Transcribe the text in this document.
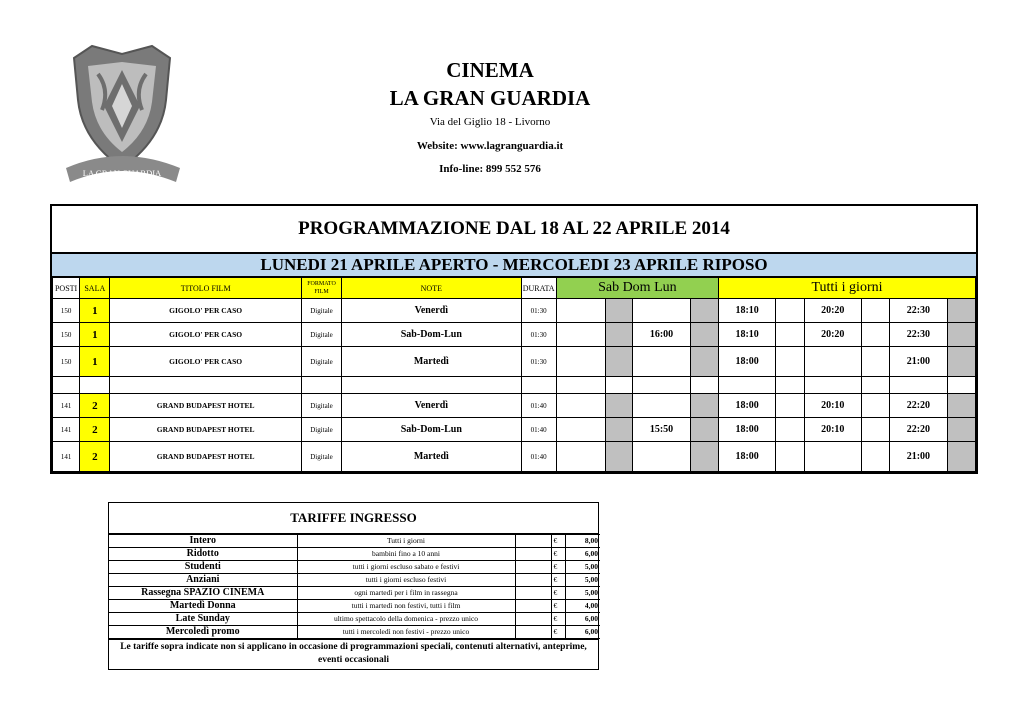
LA GRAN GUARDIA
CINEMA
LA GRAN GUARDIA
Via del Giglio 18 - Livorno
Website: www.lagranguardia.it
Info-line: 899 552 576
PROGRAMMAZIONE DAL 18 AL 22 APRILE 2014
LUNEDI 21 APRILE APERTO - MERCOLEDI 23 APRILE RIPOSO
POSTI	SALA	TITOLO FILM	FORMATO FILM	NOTE	DURATA	Sab Dom Lun				Tutti i giorni					
150	1	GIGOLO' PER CASO	Digitale	Venerdì	01:30					18:10		20:20		22:30	
150	1	GIGOLO' PER CASO	Digitale	Sab-Dom-Lun	01:30			16:00		18:10		20:20		22:30	
150	1	GIGOLO' PER CASO	Digitale	Martedì	01:30					18:00				21:00	

141	2	GRAND BUDAPEST HOTEL	Digitale	Venerdì	01:40					18:00		20:10		22:20	
141	2	GRAND BUDAPEST HOTEL	Digitale	Sab-Dom-Lun	01:40			15:50		18:00		20:10		22:20	
141	2	GRAND BUDAPEST HOTEL	Digitale	Martedì	01:40					18:00				21:00	
TARIFFE INGRESSO
Intero	Tutti i giorni		€	8,00
Ridotto	bambini fino a 10 anni		€	6,00
Studenti	tutti i giorni escluso sabato e festivi		€	5,00
Anziani	tutti i giorni escluso festivi		€	5,00
Rassegna SPAZIO CINEMA	ogni martedì per i film in rassegna		€	5,00
Martedì Donna	tutti i martedì non festivi, tutti i film		€	4,00
Late Sunday	ultimo spettacolo della domenica - prezzo unico		€	6,00
Mercoledì promo	tutti i mercoledì non festivi - prezzo unico		€	6,00
Le tariffe sopra indicate non si applicano in occasione di programmazioni speciali, contenuti alternativi, anteprime, eventi occasionali
